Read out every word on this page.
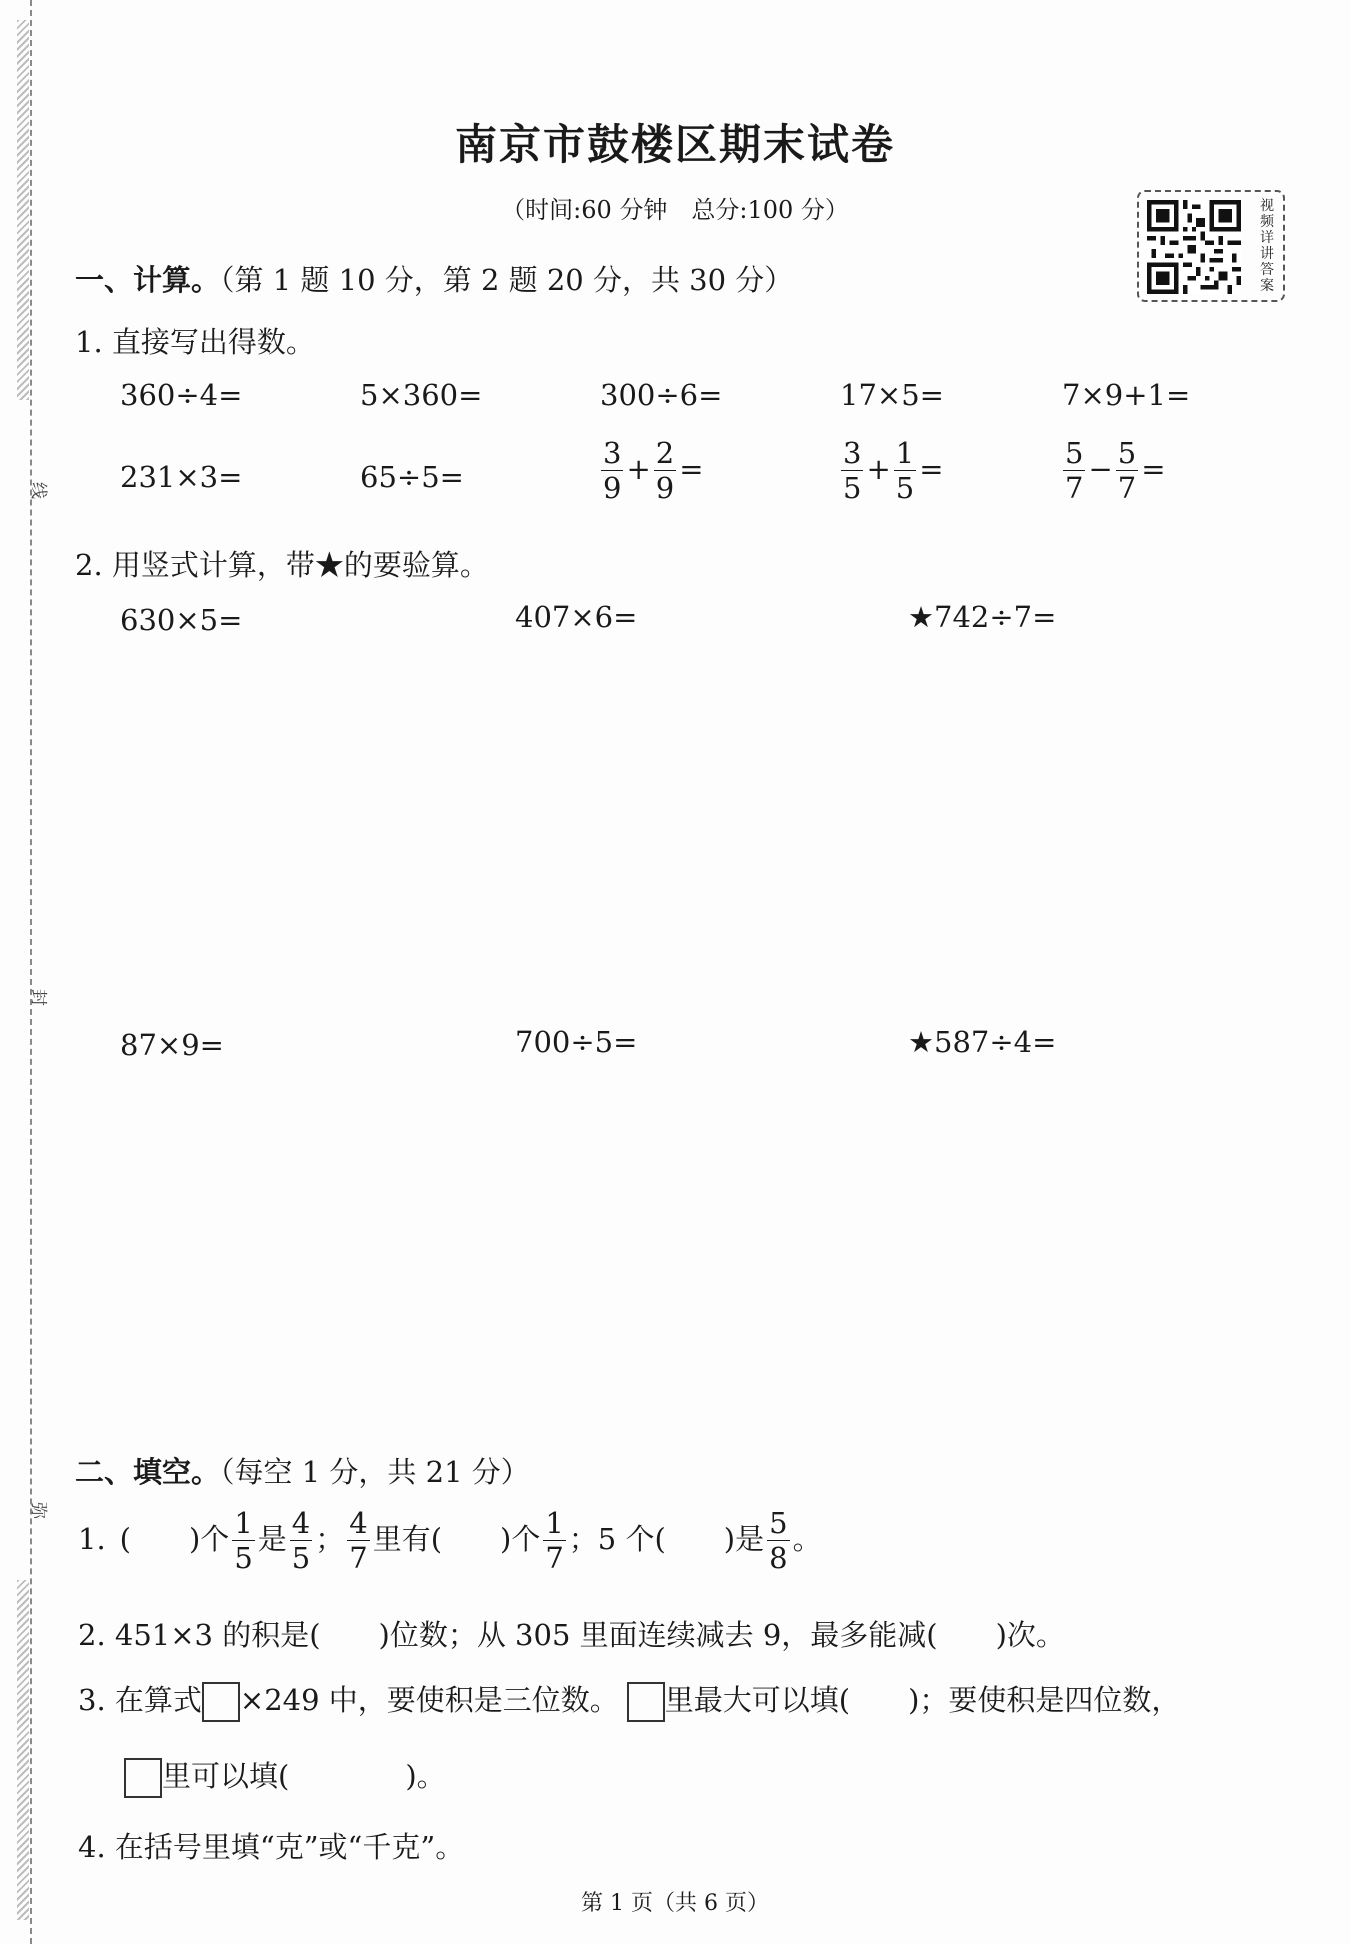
线
封
弥
南京市鼓楼区期末试卷
（时间:60 分钟　总分:100 分）	视频详讲答案
一、计算。（第 1 题 10 分，第 2 题 20 分，共 30 分）
1. 直接写出得数。
360÷4=	5×360=	300÷6=	17×5=	7×9+1=
231×3=	65÷5=	$\frac{3}{9} + \frac{2}{9}$ =	$\frac{3}{5} + \frac{1}{5}$ =	$\frac{5}{7} - \frac{5}{7}$ =
2. 用竖式计算，带★的要验算。
630×5=	407×6=	★742÷7=
87×9=	700÷5=	★587÷4=
二、填空。（每空 1 分，共 21 分）
1. (　　)个 $\frac{1}{5}$ 是 $\frac{4}{5}$ ； $\frac{4}{7}$ 里有(　　)个 $\frac{1}{7}$ ；5 个(　　)是 $\frac{5}{8}$ 。
2. 451×3 的积是(　　)位数；从 305 里面连续减去 9，最多能减(　　)次。
3. 在算式 ×249 中，要使积是三位数。 里最大可以填(　　)；要使积是四位数，
里可以填(　　　　)。
4. 在括号里填“克”或“千克”。
第 1 页（共 6 页）
